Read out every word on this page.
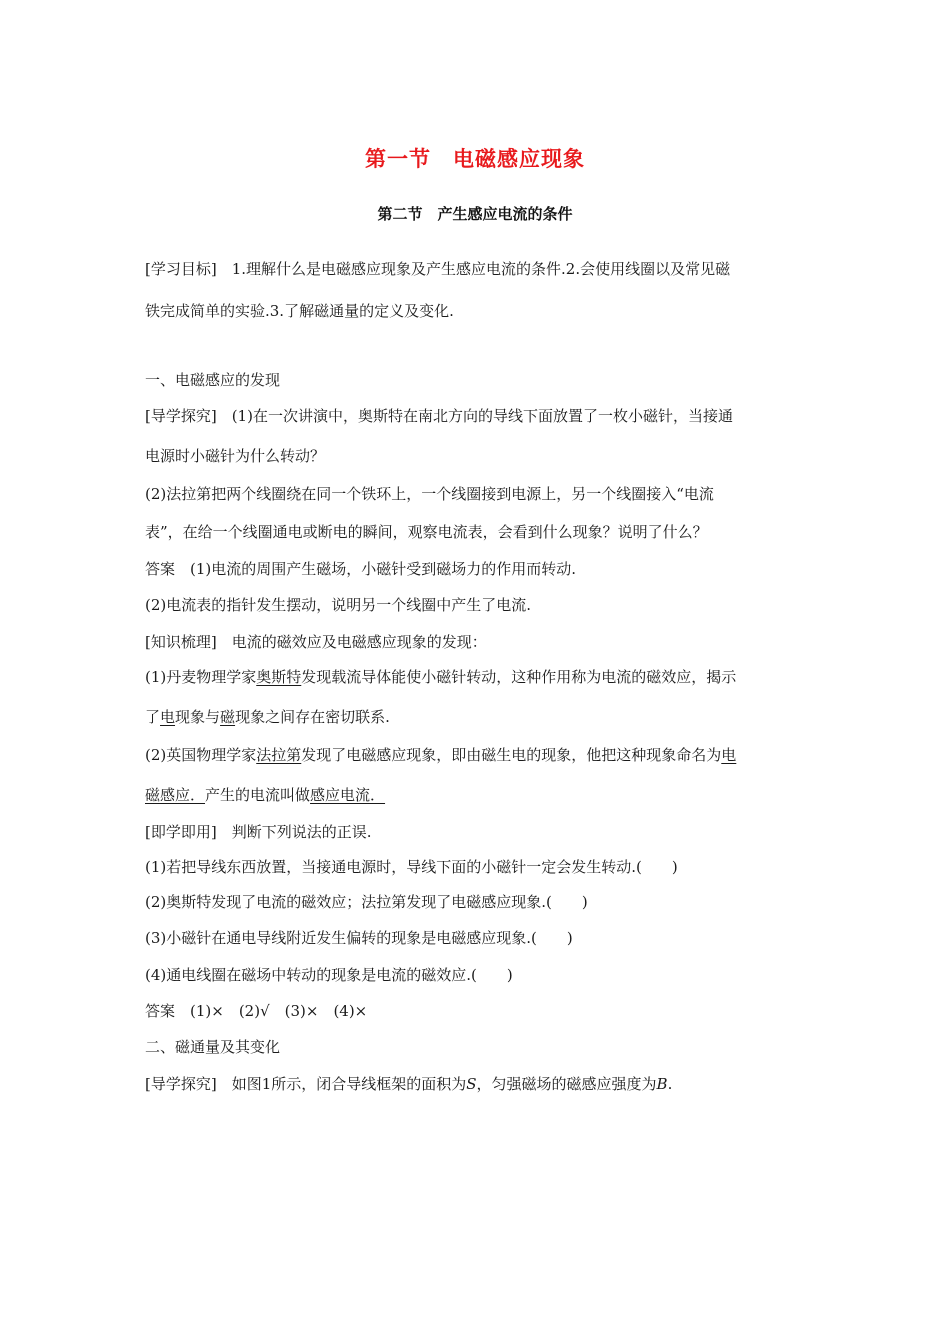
第一节　电磁感应现象
第二节　产生感应电流的条件
[学习目标]　1.理解什么是电磁感应现象及产生感应电流的条件.2.会使用线圈以及常见磁
铁完成简单的实验.3.了解磁通量的定义及变化.
一、电磁感应的发现
[导学探究]　(1)在一次讲演中，奥斯特在南北方向的导线下面放置了一枚小磁针，当接通
电源时小磁针为什么转动？
(2)法拉第把两个线圈绕在同一个铁环上，一个线圈接到电源上，另一个线圈接入“电流
表”，在给一个线圈通电或断电的瞬间，观察电流表，会看到什么现象？说明了什么？
答案　(1)电流的周围产生磁场，小磁针受到磁场力的作用而转动.
(2)电流表的指针发生摆动，说明另一个线圈中产生了电流.
[知识梳理]　电流的磁效应及电磁感应现象的发现：
(1)丹麦物理学家奥斯特发现载流导体能使小磁针转动，这种作用称为电流的磁效应，揭示
了电现象与磁现象之间存在密切联系.
(2)英国物理学家法拉第发现了电磁感应现象，即由磁生电的现象，他把这种现象命名为电
磁感应．产生的电流叫做感应电流．
[即学即用]　判断下列说法的正误.
(1)若把导线东西放置，当接通电源时，导线下面的小磁针一定会发生转动.(　　)
(2)奥斯特发现了电流的磁效应；法拉第发现了电磁感应现象.(　　)
(3)小磁针在通电导线附近发生偏转的现象是电磁感应现象.(　　)
(4)通电线圈在磁场中转动的现象是电流的磁效应.(　　)
答案　(1)×　(2)√　(3)×　(4)×
二、磁通量及其变化
[导学探究]　如图1所示，闭合导线框架的面积为S，匀强磁场的磁感应强度为B.
